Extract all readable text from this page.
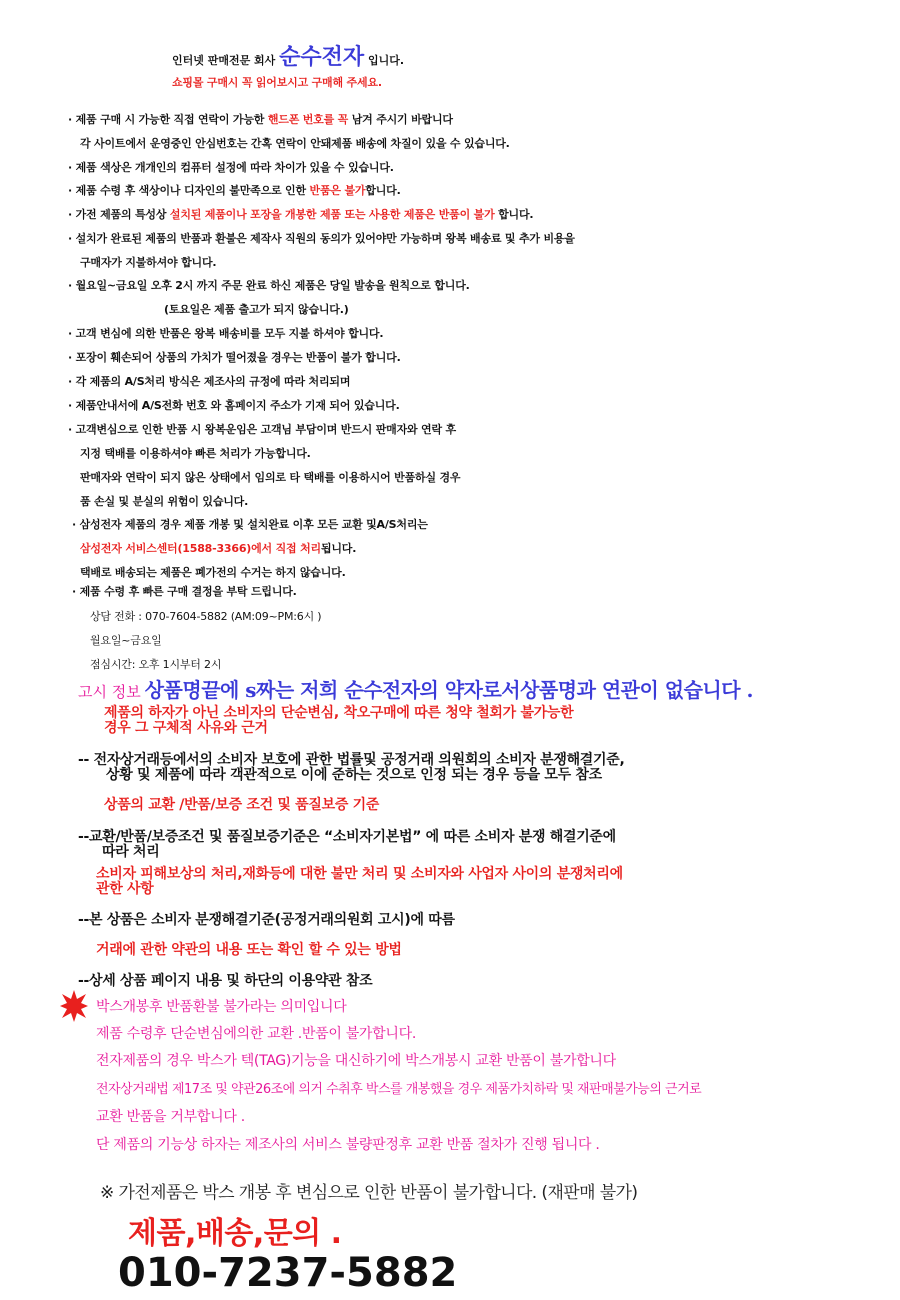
인터넷 판매전문 회사 순수전자 입니다.
쇼핑몰 구매시 꼭 읽어보시고 구매해 주세요.
· 제품 구매 시 가능한 직접 연락이 가능한 핸드폰 번호를 꼭 남겨 주시기 바랍니다
각 사이트에서 운영중인 안심번호는 간혹 연락이 안돼제품 배송에 차질이 있을 수 있습니다.
· 제품 색상은 개개인의 컴퓨터 설정에 따라 차이가 있을 수 있습니다.
· 제품 수령 후 색상이나 디자인의 불만족으로 인한 반품은 불가합니다.
· 가전 제품의 특성상 설치된 제품이나 포장을 개봉한 제품 또는 사용한 제품은 반품이 불가 합니다.
· 설치가 완료된 제품의 반품과 환불은 제작사 직원의 동의가 있어야만 가능하며 왕복 배송료 및 추가 비용을
구매자가 지불하셔야 합니다.
· 월요일~금요일 오후 2시 까지 주문 완료 하신 제품은 당일 발송을 원칙으로 합니다.
(토요일은 제품 출고가 되지 않습니다.)
· 고객 변심에 의한 반품은 왕복 배송비를 모두 지불 하셔야 합니다.
· 포장이 훼손되어 상품의 가치가 떨어졌을 경우는 반품이 불가 합니다.
· 각 제품의 A/S처리 방식은 제조사의 규정에 따라 처리되며
· 제품안내서에 A/S전화 번호 와 홈페이지 주소가 기재 되어 있습니다.
· 고객변심으로 인한 반품 시 왕복운임은 고객님 부담이며 반드시 판매자와 연락 후
지정 택배를 이용하셔야 빠른 처리가 가능합니다.
판매자와 연락이 되지 않은 상태에서 임의로 타 택배를 이용하시어 반품하실 경우
품 손실 및 분실의 위험이 있습니다.
· 삼성전자 제품의 경우 제품 개봉 및 설치완료 이후 모든 교환 및A/S처리는
삼성전자 서비스센터(1588-3366)에서 직접 처리됩니다.
택배로 배송되는 제품은 폐가전의 수거는 하지 않습니다.
· 제품 수령 후 빠른 구매 결정을 부탁 드립니다.
상담 전화 : 070-7604-5882 (AM:09~PM:6시 )
월요일~금요일
점심시간: 오후 1시부터 2시
고시 정보 상품명끝에 s짜는 저희 순수전자의 약자로서상품명과 연관이 없습니다 .
제품의 하자가 아닌 소비자의 단순변심, 착오구매에 따른 청약 철회가 불가능한
경우 그 구체적 사유와 근거
-- 전자상거래등에서의 소비자 보호에 관한 법률및 공정거래 의원회의 소비자 분쟁해결기준,
상황 및 제품에 따라 객관적으로 이에 준하는 것으로 인정 되는 경우 등을 모두 참조
상품의 교환 /반품/보증 조건 및 품질보증 기준
--교환/반품/보증조건 및 품질보증기준은 “소비자기본법” 에 따른 소비자 분쟁 해결기준에
따라 처리
소비자 피해보상의 처리,재화등에 대한 불만 처리 및 소비자와 사업자 사이의 분쟁처리에
관한 사항
--본 상품은 소비자 분쟁해결기준(공정거래의원회 고시)에 따름
거래에 관한 약관의 내용 또는 확인 할 수 있는 방법
--상세 상품 페이지 내용 및 하단의 이용약관 참조
박스개봉후 반품환불 불가라는 의미입니다
제품 수령후 단순변심에의한 교환 .반품이 불가합니다.
전자제품의 경우 박스가 텍(TAG)기능을 대신하기에 박스개봉시 교환 반품이 불가합니다
전자상거래법 제17조 및 약관26조에 의거 수취후 박스를 개봉했을 경우 제품가치하락 및 재판매불가능의 근거로
교환 반품을 거부합니다 .
단 제품의 기능상 하자는 제조사의 서비스 불량판정후 교환 반품 절차가 진행 됩니다 .
※ 가전제품은 박스 개봉 후 변심으로 인한 반품이 불가합니다. (재판매 불가)
제품,배송,문의 .
010-7237-5882
